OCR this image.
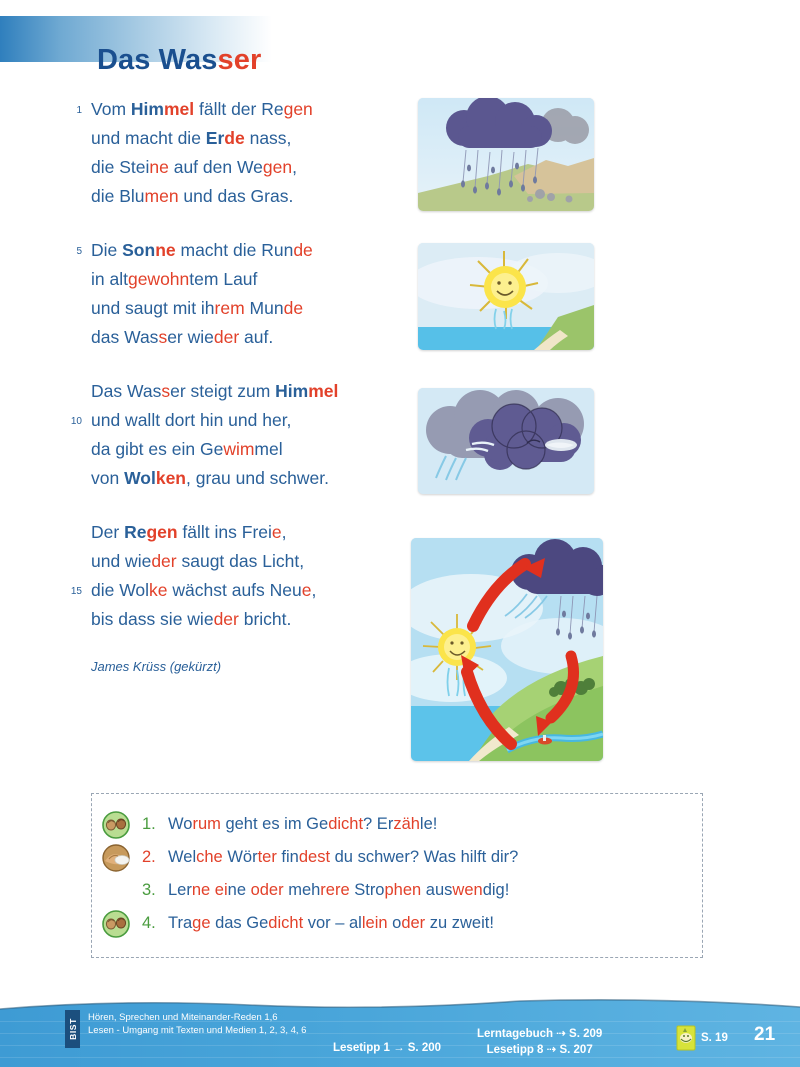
Das Wasser
1 Vom Himmel fällt der Regen
und macht die Erde nass,
die Steine auf den Wegen,
die Blumen und das Gras.
5 Die Sonne macht die Runde
in altgewohntem Lauf
und saugt mit ihrem Munde
das Wasser wieder auf.
Das Wasser steigt zum Himmel
10 und wallt dort hin und her,
da gibt es ein Gewimmel
von Wolken, grau und schwer.
Der Regen fällt ins Freie,
und wieder saugt das Licht,
15 die Wolke wächst aufs Neue,
bis dass sie wieder bricht.
James Krüss (gekürzt)
1. Worum geht es im Gedicht? Erzähle!
2. Welche Wörter findest du schwer? Was hilft dir?
3. Lerne eine oder mehrere Strophen auswendig!
4. Trage das Gedicht vor – allein oder zu zweit!
BIST
Hören, Sprechen und Miteinander-Reden 1,6
Lesen - Umgang mit Texten und Medien 1, 2, 3, 4, 6
Lesetipp 1 → S. 200
Lerntagebuch ⇢ S. 209
Lesetipp 8 ⇢ S. 207
S. 19 21
